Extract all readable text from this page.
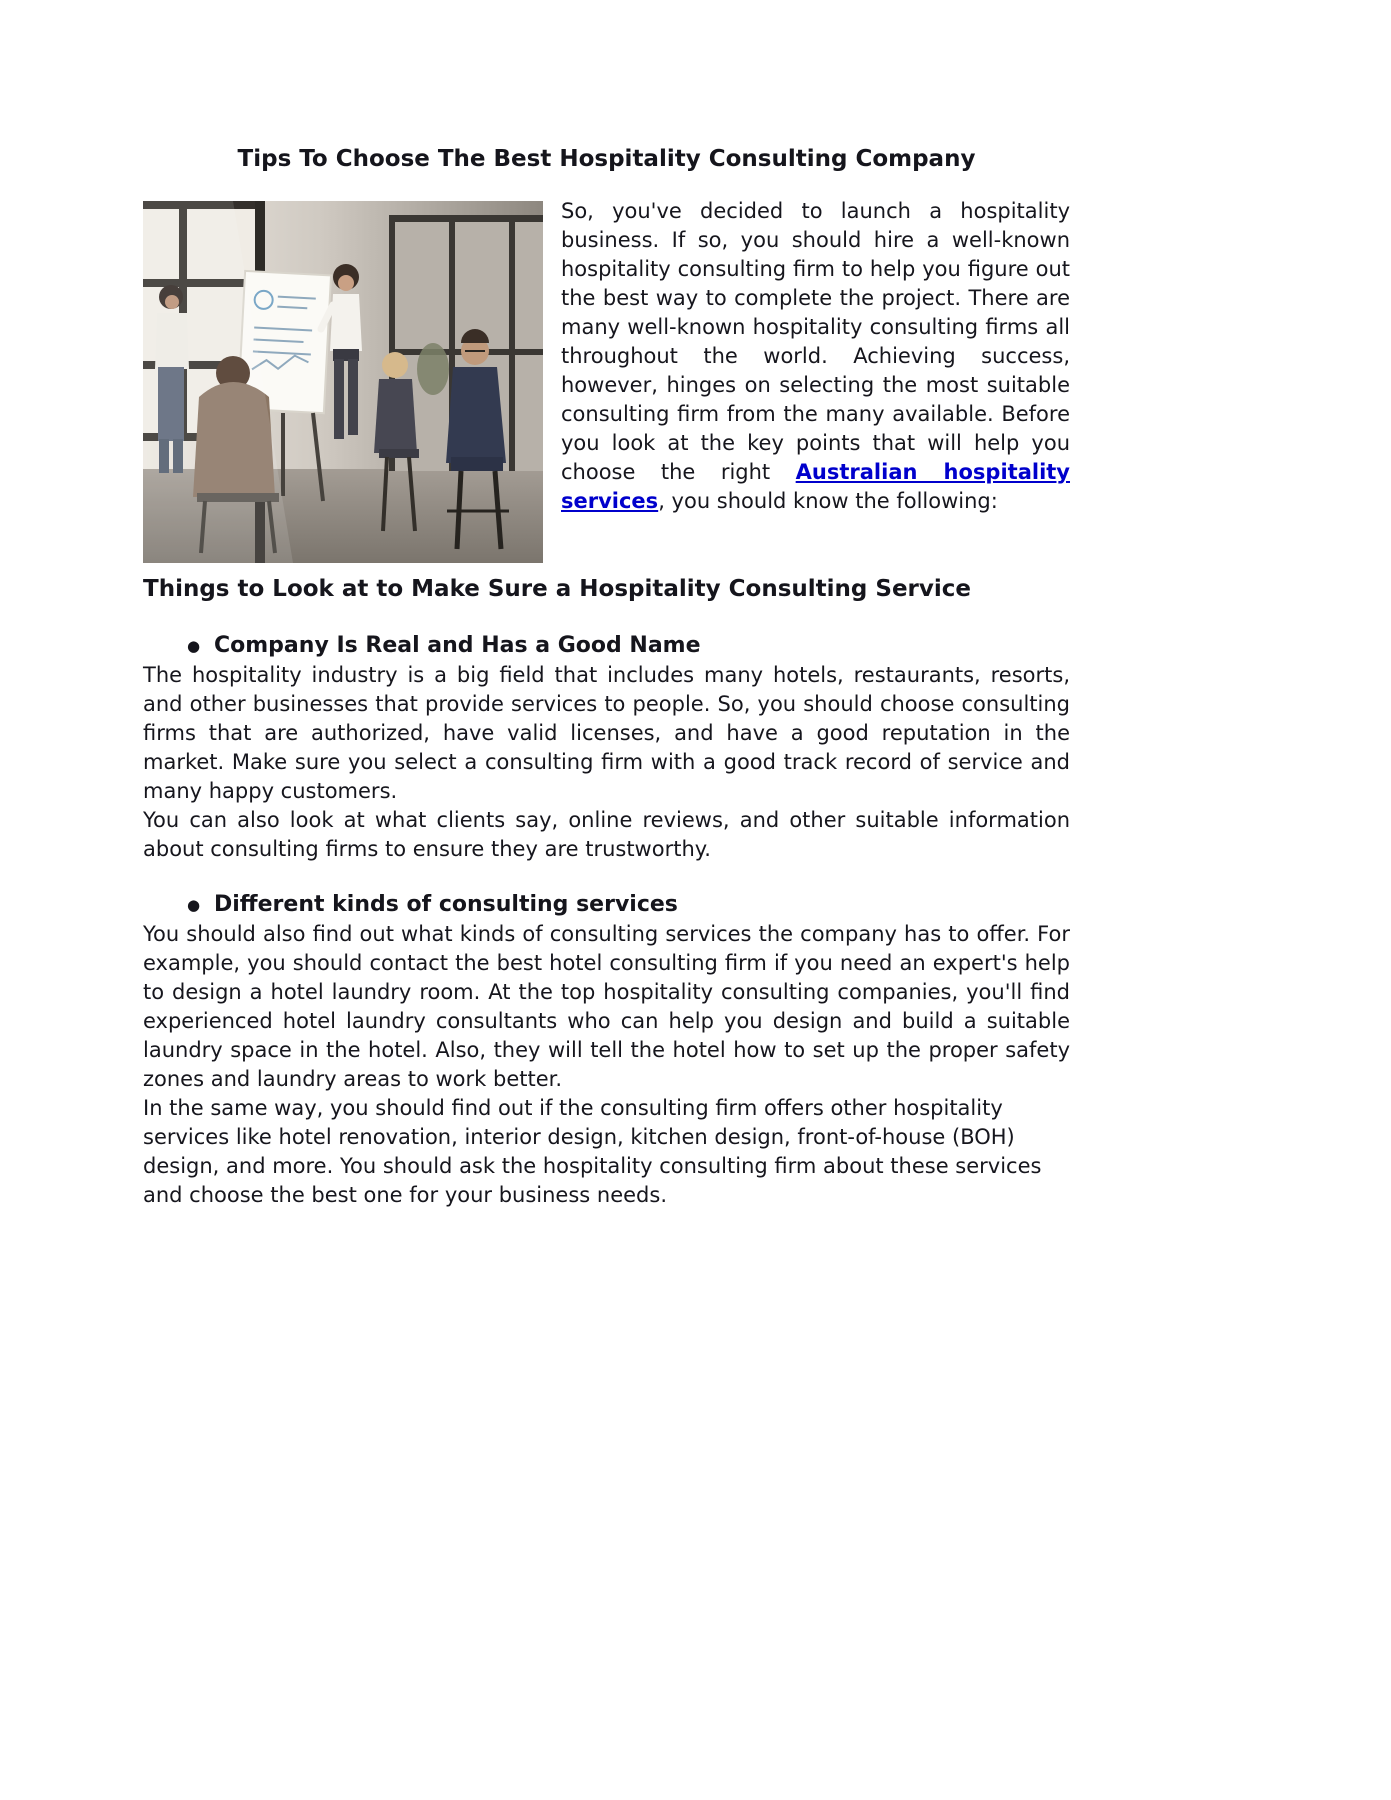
Tips To Choose The Best Hospitality Consulting Company

So, you've decided to launch a hospitality business. If so, you should hire a well-known hospitality consulting firm to help you figure out the best way to complete the project. There are many well-known hospitality consulting firms all throughout the world. Achieving success, however, hinges on selecting the most suitable consulting firm from the many available. Before you look at the key points that will help you choose the right Australian hospitality services, you should know the following:

Things to Look at to Make Sure a Hospitality Consulting Service
● Company Is Real and Has a Good Name

The hospitality industry is a big field that includes many hotels, restaurants, resorts, and other businesses that provide services to people. So, you should choose consulting firms that are authorized, have valid licenses, and have a good reputation in the market. Make sure you select a consulting firm with a good track record of service and many happy customers.

You can also look at what clients say, online reviews, and other suitable information about consulting firms to ensure they are trustworthy.

● Different kinds of consulting services

You should also find out what kinds of consulting services the company has to offer. For example, you should contact the best hotel consulting firm if you need an expert's help to design a hotel laundry room. At the top hospitality consulting companies, you'll find experienced hotel laundry consultants who can help you design and build a suitable laundry space in the hotel. Also, they will tell the hotel how to set up the proper safety zones and laundry areas to work better.

In the same way, you should find out if the consulting firm offers other hospitality services like hotel renovation, interior design, kitchen design, front-of-house (BOH) design, and more. You should ask the hospitality consulting firm about these services and choose the best one for your business needs.
